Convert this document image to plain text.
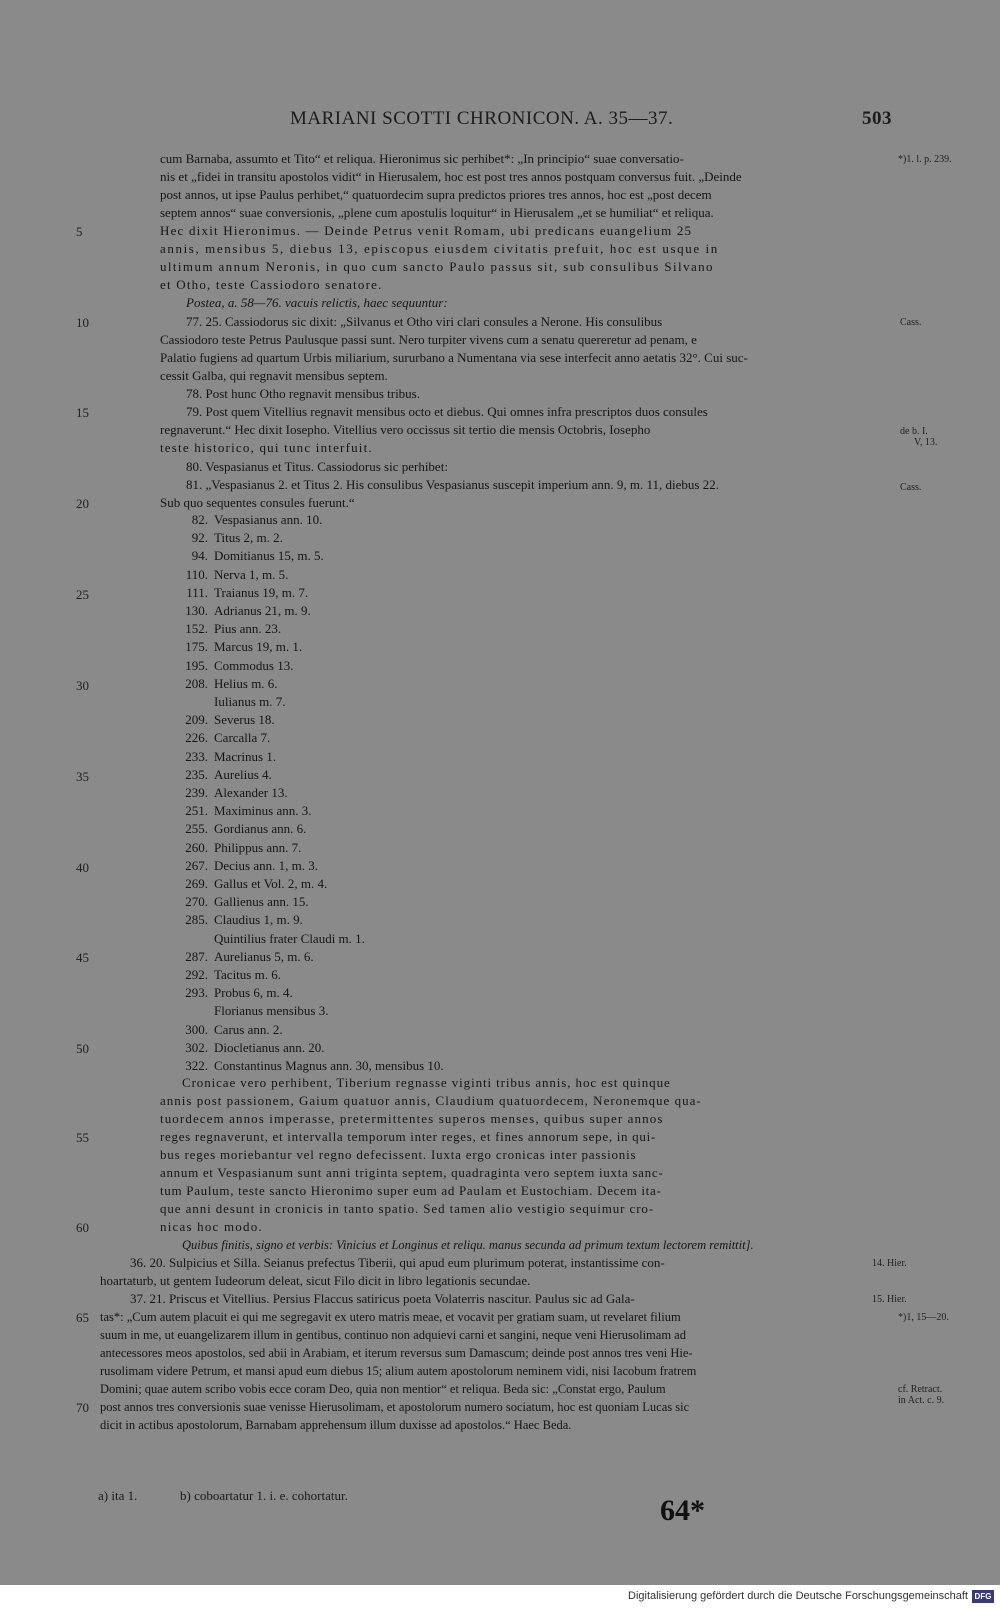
MARIANI SCOTTI CHRONICON. A. 35—37.	503
cum Barnaba, assumto et Tito“ et reliqua. Hieronimus sic perhibet*: „In principio“ suae conversatio-
nis et „fidei in transitu apostolos vidit“ in Hierusalem, hoc est post tres annos postquam conversus fuit. „Deinde
post annos, ut ipse Paulus perhibet,“ quatuordecim supra predictos priores tres annos, hoc est „post decem
septem annos“ suae conversionis, „plene cum apostulis loquitur“ in Hierusalem „et se humiliat“ et reliqua.
Hec dixit Hieronimus. — Deinde Petrus venit Romam, ubi predicans euangelium 25
annis, mensibus 5, diebus 13, episcopus eiusdem civitatis prefuit, hoc est usque in
ultimum annum Neronis, in quo cum sancto Paulo passus sit, sub consulibus Silvano
et Otho, teste Cassiodoro senatore.
Postea, a. 58—76. vacuis relictis, haec sequuntur:
77. 25. Cassiodorus sic dixit: „Silvanus et Otho viri clari consules a Nerone. His consulibus
Cassiodoro teste Petrus Paulusque passi sunt. Nero turpiter vivens cum a senatu quereretur ad penam, e
Palatio fugiens ad quartum Urbis miliarium, sururbano a Numentana via sese interfecit anno aetatis 32°. Cui suc-
cessit Galba, qui regnavit mensibus septem.
78. Post hunc Otho regnavit mensibus tribus.
79. Post quem Vitellius regnavit mensibus octo et diebus. Qui omnes infra prescriptos duos consules
regnaverunt.“ Hec dixit Iosepho. Vitellius vero occissus sit tertio die mensis Octobris, Iosepho
teste historico, qui tunc interfuit.
80. Vespasianus et Titus. Cassiodorus sic perhibet:
81. „Vespasianus 2. et Titus 2. His consulibus Vespasianus suscepit imperium ann. 9, m. 11, diebus 22.
Sub quo sequentes consules fuerunt.“
82. Vespasianus ann. 10.
92. Titus 2, m. 2.
94. Domitianus 15, m. 5.
110. Nerva 1, m. 5.
111. Traianus 19, m. 7.
130. Adrianus 21, m. 9.
152. Pius ann. 23.
175. Marcus 19, m. 1.
195. Commodus 13.
208. Helius m. 6.
Iulianus m. 7.
209. Severus 18.
226. Carcalla 7.
233. Macrinus 1.
235. Aurelius 4.
239. Alexander 13.
251. Maximinus ann. 3.
255. Gordianus ann. 6.
260. Philippus ann. 7.
267. Decius ann. 1, m. 3.
269. Gallus et Vol. 2, m. 4.
270. Gallienus ann. 15.
285. Claudius 1, m. 9.
Quintilius frater Claudi m. 1.
287. Aurelianus 5, m. 6.
292. Tacitus m. 6.
293. Probus 6, m. 4.
Florianus mensibus 3.
300. Carus ann. 2.
302. Diocletianus ann. 20.
322. Constantinus Magnus ann. 30, mensibus 10.
Cronicae vero perhibent, Tiberium regnasse viginti tribus annis, hoc est quinque
annis post passionem, Gaium quatuor annis, Claudium quatuordecem, Neronemque qua-
tuordecem annos imperasse, pretermittentes superos menses, quibus super annos
reges regnaverunt, et intervalla temporum inter reges, et fines annorum sepe, in qui-
bus reges moriebantur vel regno defecissent. Iuxta ergo cronicas inter passionis
annum et Vespasianum sunt anni triginta septem, quadraginta vero septem iuxta sanc-
tum Paulum, teste sancto Hieronimo super eum ad Paulam et Eustochiam. Decem ita-
que anni desunt in cronicis in tanto spatio. Sed tamen alio vestigio sequimur cro-
nicas hoc modo.
Quibus finitis, signo et verbis: Vinicius et Longinus et reliqu. manus secunda ad primum textum lectorem remittit].
36. 20. Sulpicius et Silla. Seianus prefectus Tiberii, qui apud eum plurimum poterat, instantissime con-
hoartaturb, ut gentem Iudeorum deleat, sicut Filo dicit in libro legationis secundae.
37. 21. Priscus et Vitellius. Persius Flaccus satiricus poeta Volaterris nascitur. Paulus sic ad Gala-
tas*: „Cum autem placuit ei qui me segregavit ex utero matris meae, et vocavit per gratiam suam, ut revelaret filium
suum in me, ut euangelizarem illum in gentibus, continuo non adquievi carni et sangini, neque veni Hierusolimam ad
antecessores meos apostolos, sed abii in Arabiam, et iterum reversus sum Damascum; deinde post annos tres veni Hie-
rusolimam videre Petrum, et mansi apud eum diebus 15; alium autem apostolorum neminem vidi, nisi Iacobum fratrem
Domini; quae autem scribo vobis ecce coram Deo, quia non mentior“ et reliqua. Beda sic: „Constat ergo, Paulum
post annos tres conversionis suae venisse Hierusolimam, et apostolorum numero sociatum, hoc est quoniam Lucas sic
dicit in actibus apostolorum, Barnabam apprehensum illum duxisse ad apostolos.“ Haec Beda.
5
10
15
20
25
30
35
40
45
50
55
60
65
70
*)1. l. p. 239.
Cass.
de b. I.
V, 13.
Cass.
14. Hier.
15. Hier.
*)1, 15—20.
cf. Retract.
in Act. c. 9.
a) ita 1.	b) coboartatur 1. i. e. cohortatur.	64*
Digitalisierung gefördert durch die Deutsche Forschungsgemeinschaft DFG
